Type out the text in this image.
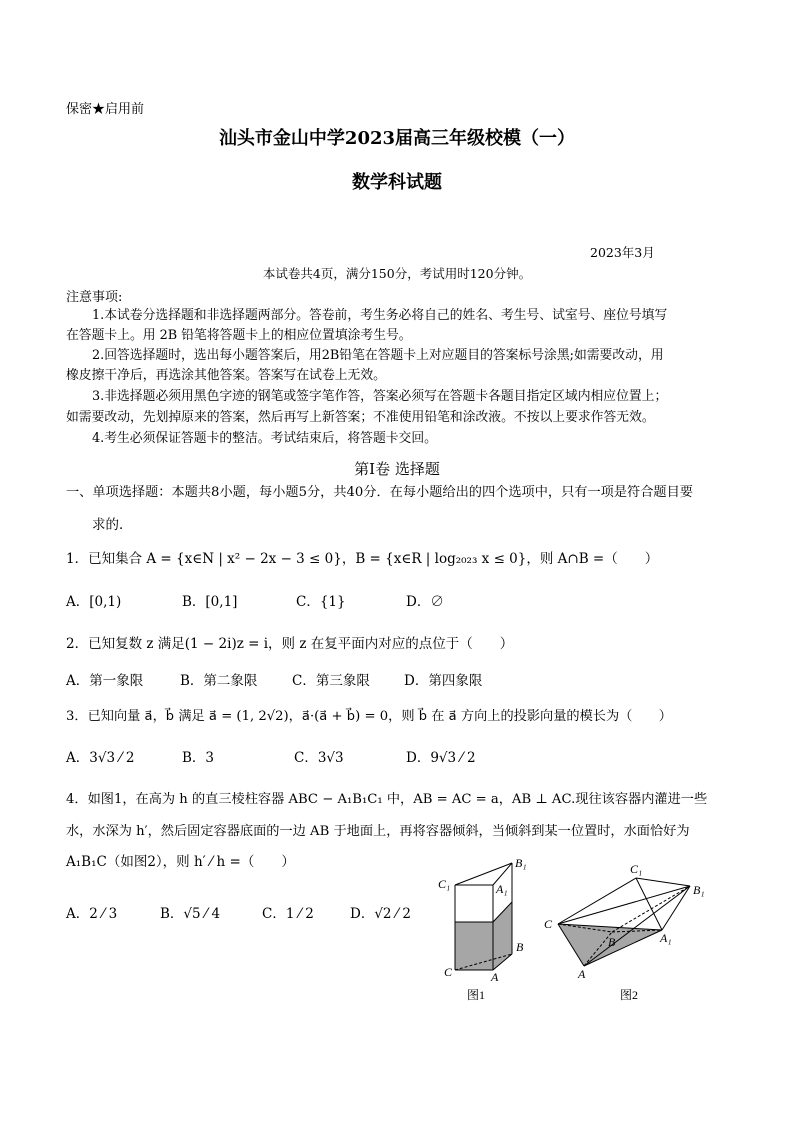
保密★启用前
汕头市金山中学2023届高三年级校模（一）
数学科试题
2023年3月
本试卷共4页，满分150分，考试用时120分钟。
注意事项:
1.本试卷分选择题和非选择题两部分。答卷前，考生务必将自己的姓名、考生号、试室号、座位号填写
在答题卡上。用 2B 铅笔将答题卡上的相应位置填涂考生号。
2.回答选择题时，选出每小题答案后，用2B铅笔在答题卡上对应题目的答案标号涂黑;如需要改动，用
橡皮擦干净后，再选涂其他答案。答案写在试卷上无效。
3.非选择题必须用黑色字迹的钢笔或签字笔作答，答案必须写在答题卡各题目指定区域内相应位置上；
如需要改动，先划掉原来的答案，然后再写上新答案；不准使用铅笔和涂改液。不按以上要求作答无效。
4.考生必须保证答题卡的整洁。考试结束后，将答题卡交回。
第Ⅰ卷 选择题
一、单项选择题：本题共8小题，每小题5分，共40分．在每小题给出的四个选项中，只有一项是符合题目要
求的．
1．已知集合 A = {x∈N | x² − 2x − 3 ≤ 0}，B = {x∈R | log₂₀₂₃ x ≤ 0}，则 A∩B =（　　）
A．[0,1)	B．[0,1]	C．{1}	D．∅
2．已知复数 z 满足(1 − 2i)z = i，则 z 在复平面内对应的点位于（　　）
A．第一象限	B．第二象限	C．第三象限	D．第四象限
3．已知向量 a⃗，b⃗ 满足 a⃗ = (1, 2√2)，a⃗·(a⃗ + b⃗) = 0，则 b⃗ 在 a⃗ 方向上的投影向量的模长为（　　）
A．3√3 ⁄ 2	B．3	C．3√3	D．9√3 ⁄ 2
4．如图1，在高为 h 的直三棱柱容器 ABC − A₁B₁C₁ 中，AB = AC = a，AB ⊥ AC.现往该容器内灌进一些
水，水深为 h′，然后固定容器底面的一边 AB 于地面上，再将容器倾斜，当倾斜到某一位置时，水面恰好为
A₁B₁C（如图2），则 h′ ⁄ h =（　　）
A．2 ⁄ 3	B．√5 ⁄ 4	C．1 ⁄ 2	D．√2 ⁄ 2
B₁
C₁	A₁
B
C	A
图1
C₁
B₁
C
B	A₁
A
图2
